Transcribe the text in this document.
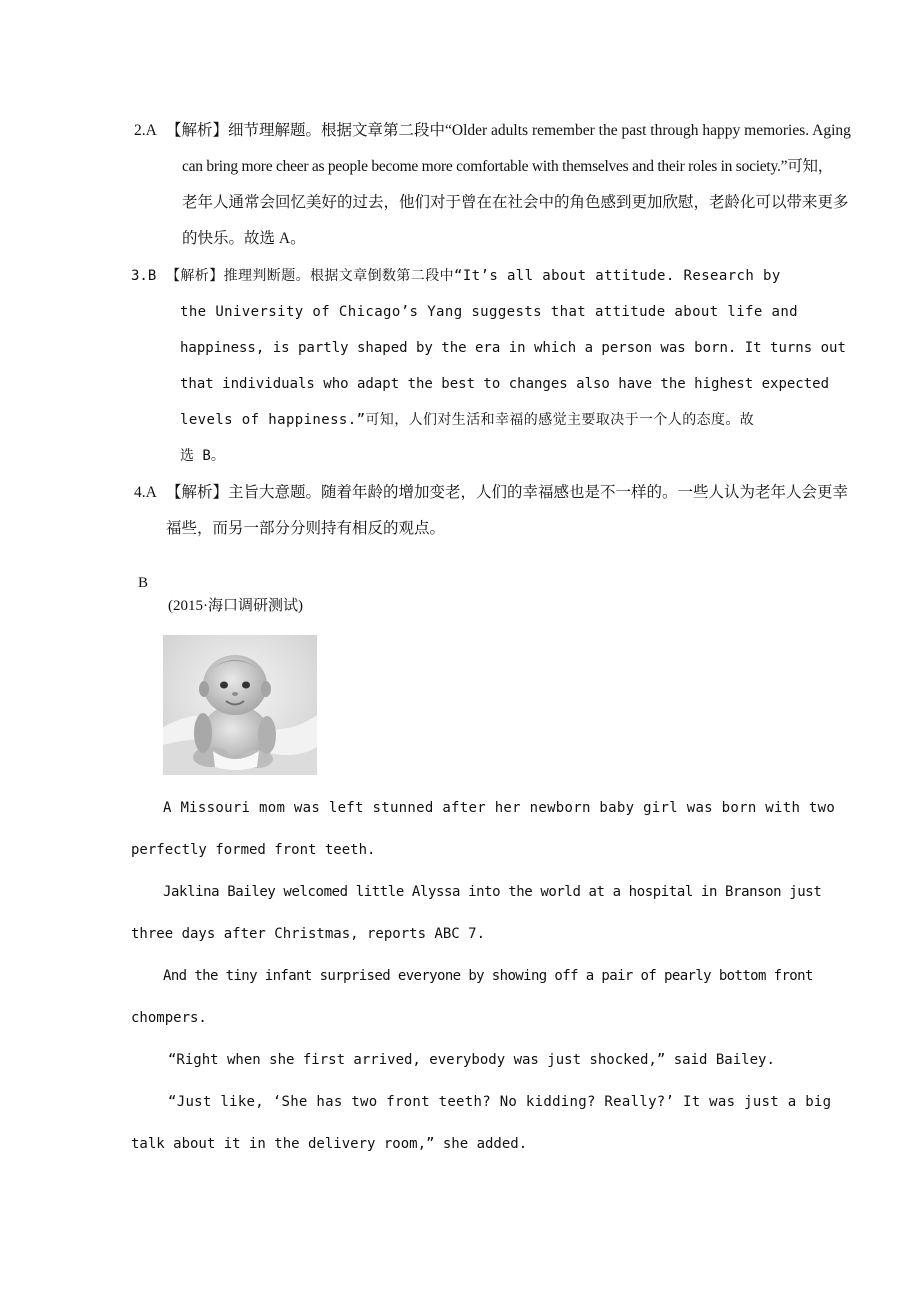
2.A 【解析】细节理解题。根据文章第二段中“Older adults remember the past through happy memories. Aging
can bring more cheer as people become more comfortable with themselves and their roles in society.”可知，
老年人通常会回忆美好的过去，他们对于曾在在社会中的角色感到更加欣慰，老龄化可以带来更多
的快乐。故选 A。
3.B 【解析】推理判断题。根据文章倒数第二段中“It’s all about attitude. Research by
the University of Chicago’s Yang suggests that attitude about life and
happiness, is partly shaped by the era in which a person was born. It turns out
that individuals who adapt the best to changes also have the highest expected
levels of happiness.”可知，人们对生活和幸福的感觉主要取决于一个人的态度。故
选 B。
4.A 【解析】主旨大意题。随着年龄的增加变老，人们的幸福感也是不一样的。一些人认为老年人会更幸
福些，而另一部分分则持有相反的观点。
B
(2015·海口调研测试)
A Missouri mom was left stunned after her newborn baby girl was born with two
perfectly formed front teeth.
Jaklina Bailey welcomed little Alyssa into the world at a hospital in Branson just
three days after Christmas, reports ABC 7.
And the tiny infant surprised everyone by showing off a pair of pearly bottom front
chompers.
“Right when she first arrived, everybody was just shocked,” said Bailey.
“Just like, ‘She has two front teeth? No kidding? Really?’ It was just a big
talk about it in the delivery room,” she added.
